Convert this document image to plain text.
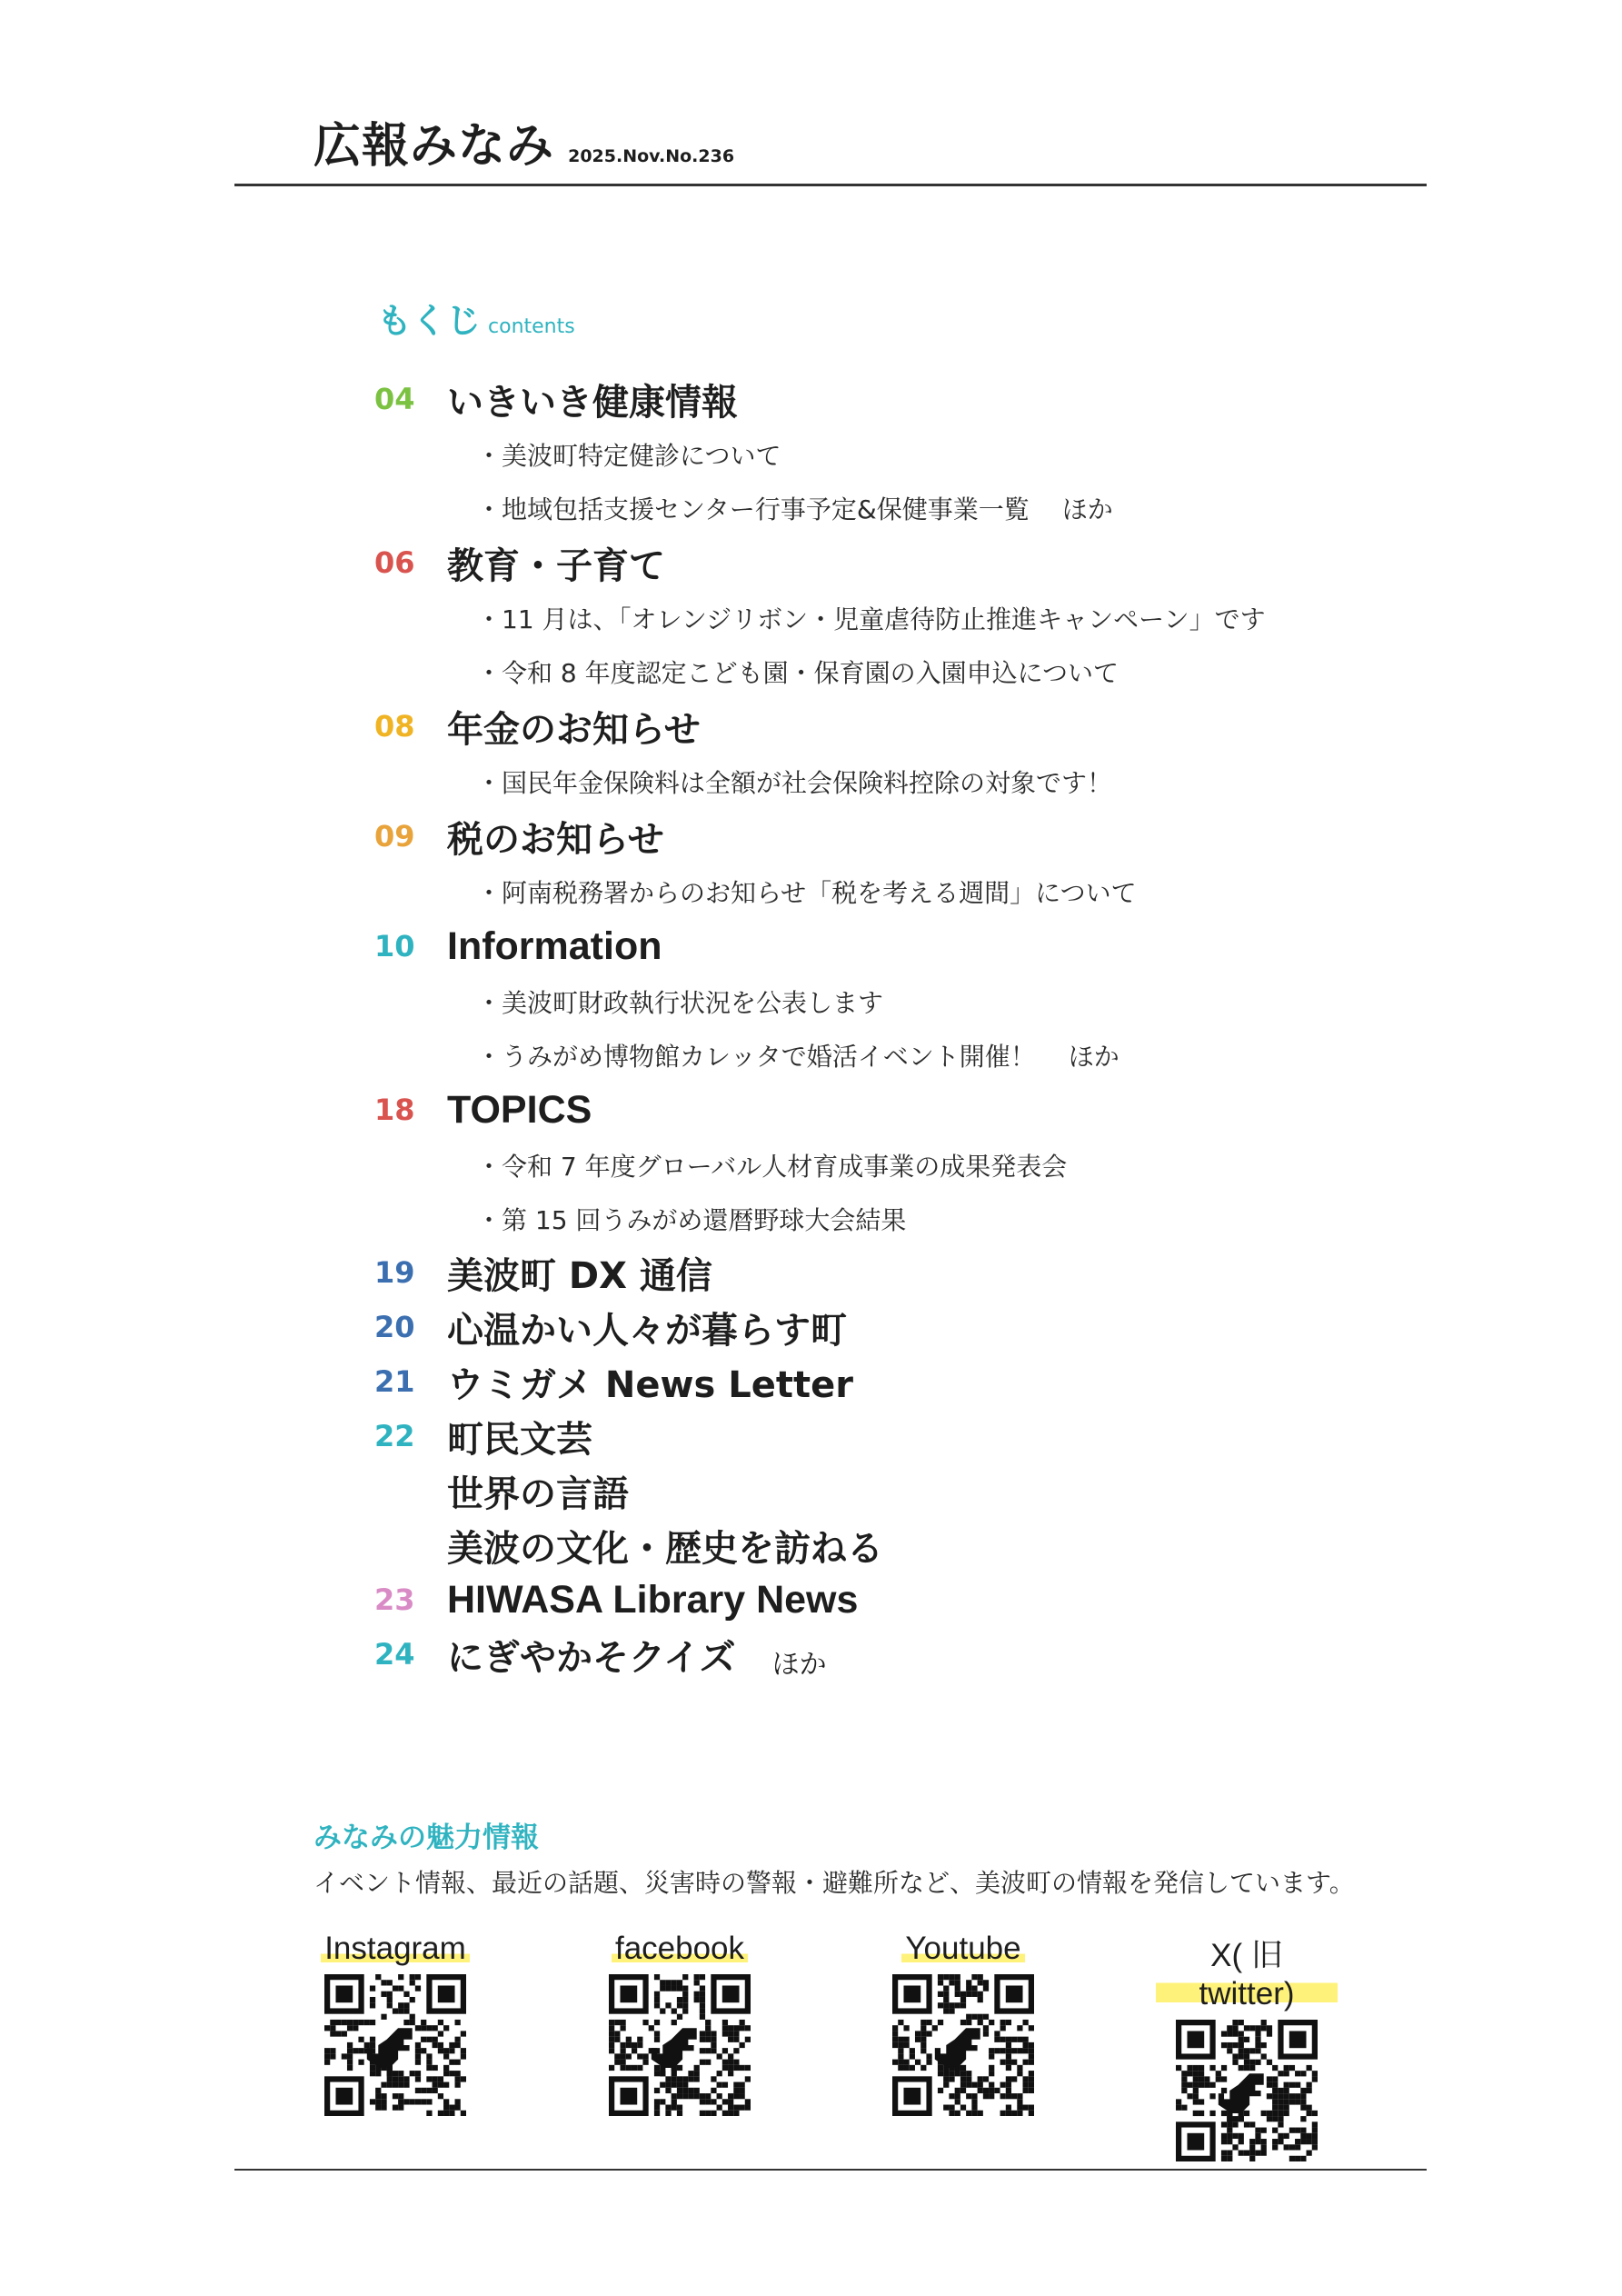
広報みなみ 2025.Nov.No.236
もくじ contents
04 いきいき健康情報
・美波町特定健診について
・地域包括支援センター行事予定&保健事業一覧 ほか
06 教育・子育て
・11 月は、「オレンジリボン・児童虐待防止推進キャンペーン」です
・令和 8 年度認定こども園・保育園の入園申込について
08 年金のお知らせ
・国民年金保険料は全額が社会保険料控除の対象です！
09 税のお知らせ
・阿南税務署からのお知らせ「税を考える週間」について
10 Information
・美波町財政執行状況を公表します
・うみがめ博物館カレッタで婚活イベント開催！ ほか
18 TOPICS
・令和 7 年度グローバル人材育成事業の成果発表会
・第 15 回うみがめ還暦野球大会結果
19 美波町 DX 通信
20 心温かい人々が暮らす町
21 ウミガメ News Letter
22 町民文芸
世界の言語
美波の文化・歴史を訪ねる
23 HIWASA Library News
24 にぎやかそクイズ ほか
みなみの魅力情報
イベント情報、最近の話題、災害時の警報・避難所など、美波町の情報を発信しています。
Instagram	facebook	Youtube	X( 旧 twitter)
